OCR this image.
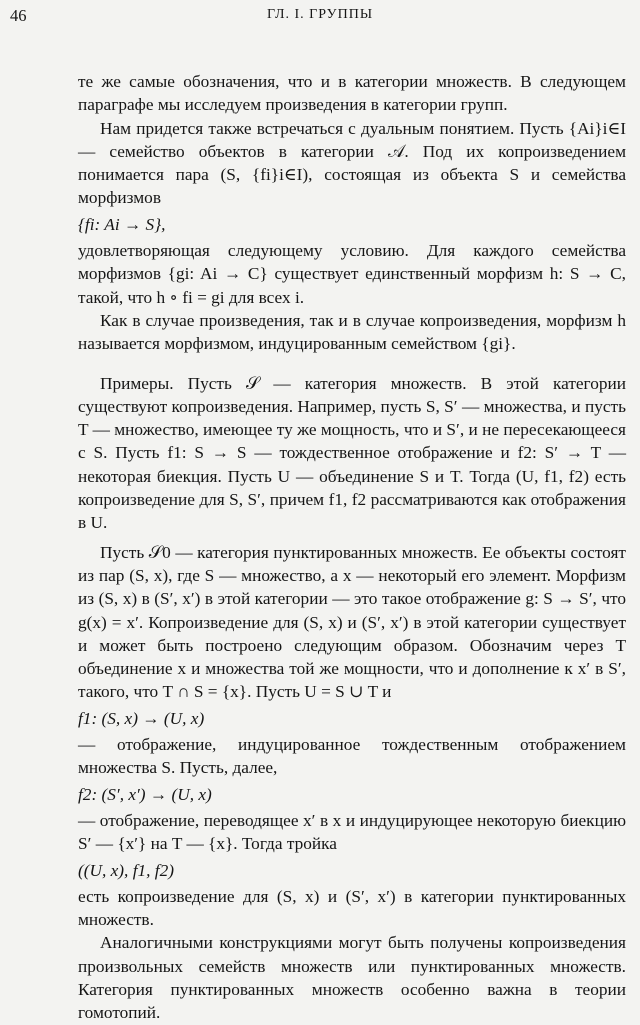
46	ГЛ. I. ГРУППЫ

те же самые обозначения, что и в категории множеств. В следующем параграфе мы исследуем произведения в категории групп.

Нам придется также встречаться с дуальным понятием. Пусть {Ai}i∈I — семейство объектов в категории 𝒜. Под их копроизведением понимается пара (S, {fi}i∈I), состоящая из объекта S и семейства морфизмов

{fi: Ai → S},

удовлетворяющая следующему условию. Для каждого семейства морфизмов {gi: Ai → C} существует единственный морфизм h: S → C, такой, что h ∘ fi = gi для всех i.

Как в случае произведения, так и в случае копроизведения, морфизм h называется морфизмом, индуцированным семейством {gi}.

Примеры. Пусть 𝒮 — категория множеств. В этой категории существуют копроизведения. Например, пусть S, S′ — множества, и пусть T — множество, имеющее ту же мощность, что и S′, и не пересекающееся с S. Пусть f1: S → S — тождественное отображение и f2: S′ → T — некоторая биекция. Пусть U — объединение S и T. Тогда (U, f1, f2) есть копроизведение для S, S′, причем f1, f2 рассматриваются как отображения в U.

Пусть 𝒮0 — категория пунктированных множеств. Ее объекты состоят из пар (S, x), где S — множество, а x — некоторый его элемент. Морфизм из (S, x) в (S′, x′) в этой категории — это такое отображение g: S → S′, что g(x) = x′. Копроизведение для (S, x) и (S′, x′) в этой категории существует и может быть построено следующим образом. Обозначим через T объединение x и множества той же мощности, что и дополнение к x′ в S′, такого, что T ∩ S = {x}. Пусть U = S ∪ T и

f1: (S, x) → (U, x)

— отображение, индуцированное тождественным отображением множества S. Пусть, далее,

f2: (S′, x′) → (U, x)

— отображение, переводящее x′ в x и индуцирующее некоторую биекцию S′ — {x′} на T — {x}. Тогда тройка

((U, x), f1, f2)

есть копроизведение для (S, x) и (S′, x′) в категории пунктированных множеств.

Аналогичными конструкциями могут быть получены копроизведения произвольных семейств множеств или пунктированных множеств. Категория пунктированных множеств особенно важна в теории гомотопий.
